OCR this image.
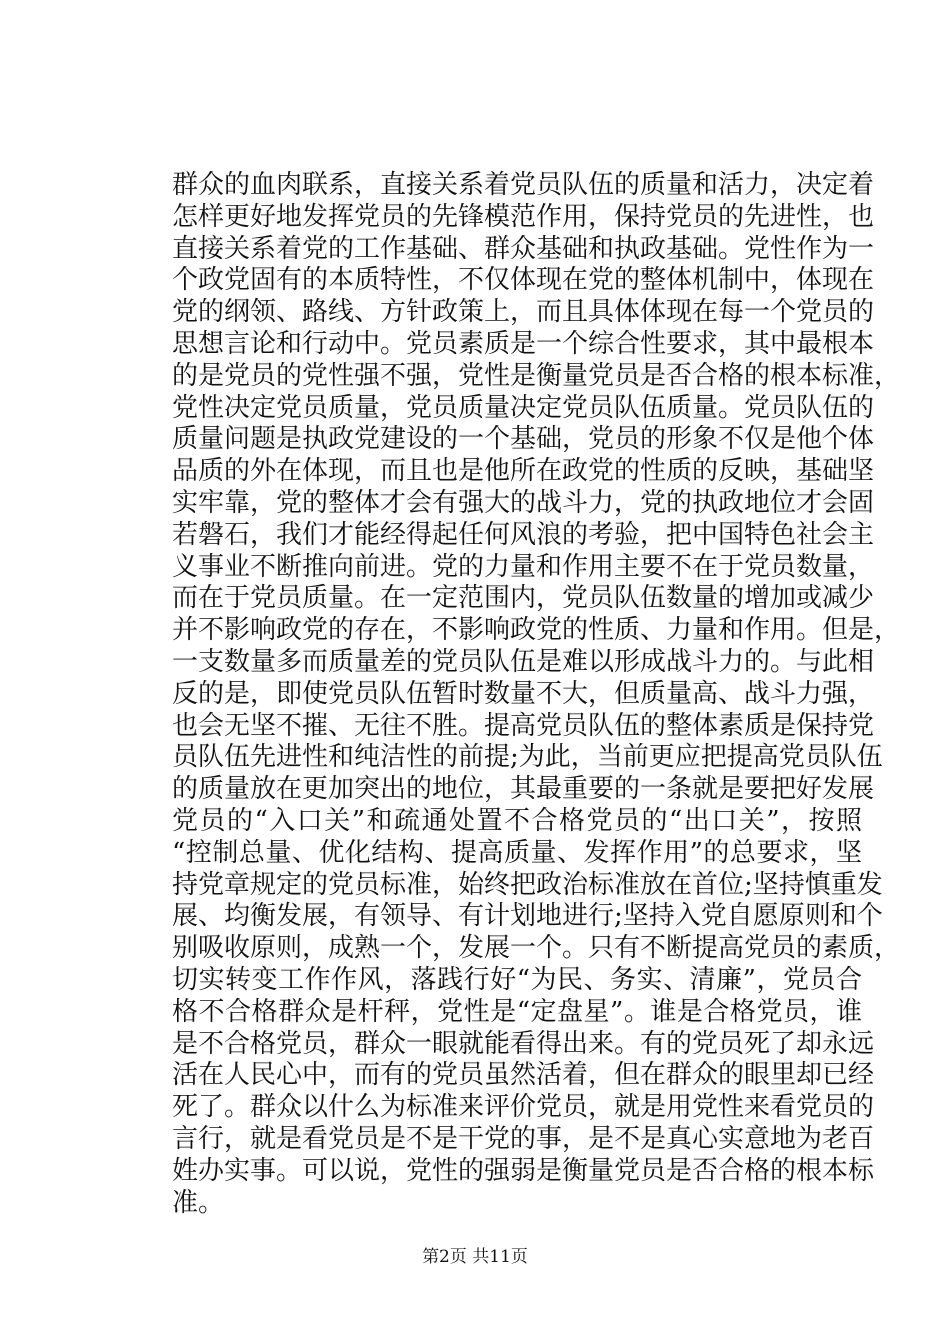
群众的血肉联系，直接关系着党员队伍的质量和活力，决定着
怎样更好地发挥党员的先锋模范作用，保持党员的先进性，也
直接关系着党的工作基础、群众基础和执政基础。党性作为一
个政党固有的本质特性，不仅体现在党的整体机制中，体现在
党的纲领、路线、方针政策上，而且具体体现在每一个党员的
思想言论和行动中。党员素质是一个综合性要求，其中最根本
的是党员的党性强不强，党性是衡量党员是否合格的根本标准，
党性决定党员质量，党员质量决定党员队伍质量。党员队伍的
质量问题是执政党建设的一个基础，党员的形象不仅是他个体
品质的外在体现，而且也是他所在政党的性质的反映，基础坚
实牢靠，党的整体才会有强大的战斗力，党的执政地位才会固
若磐石，我们才能经得起任何风浪的考验，把中国特色社会主
义事业不断推向前进。党的力量和作用主要不在于党员数量，
而在于党员质量。在一定范围内，党员队伍数量的增加或减少
并不影响政党的存在，不影响政党的性质、力量和作用。但是，
一支数量多而质量差的党员队伍是难以形成战斗力的。与此相
反的是，即使党员队伍暂时数量不大，但质量高、战斗力强，
也会无坚不摧、无往不胜。提高党员队伍的整体素质是保持党
员队伍先进性和纯洁性的前提;为此，当前更应把提高党员队伍
的质量放在更加突出的地位，其最重要的一条就是要把好发展
党员的“入口关”和疏通处置不合格党员的“出口关”，按照
“控制总量、优化结构、提高质量、发挥作用”的总要求，坚
持党章规定的党员标准，始终把政治标准放在首位;坚持慎重发
展、均衡发展，有领导、有计划地进行;坚持入党自愿原则和个
别吸收原则，成熟一个，发展一个。只有不断提高党员的素质，
切实转变工作作风，落践行好“为民、务实、清廉”，党员合
格不合格群众是杆秤，党性是“定盘星”。谁是合格党员，谁
是不合格党员，群众一眼就能看得出来。有的党员死了却永远
活在人民心中，而有的党员虽然活着，但在群众的眼里却已经
死了。群众以什么为标准来评价党员，就是用党性来看党员的
言行，就是看党员是不是干党的事，是不是真心实意地为老百
姓办实事。可以说，党性的强弱是衡量党员是否合格的根本标
准。
第2页 共11页
